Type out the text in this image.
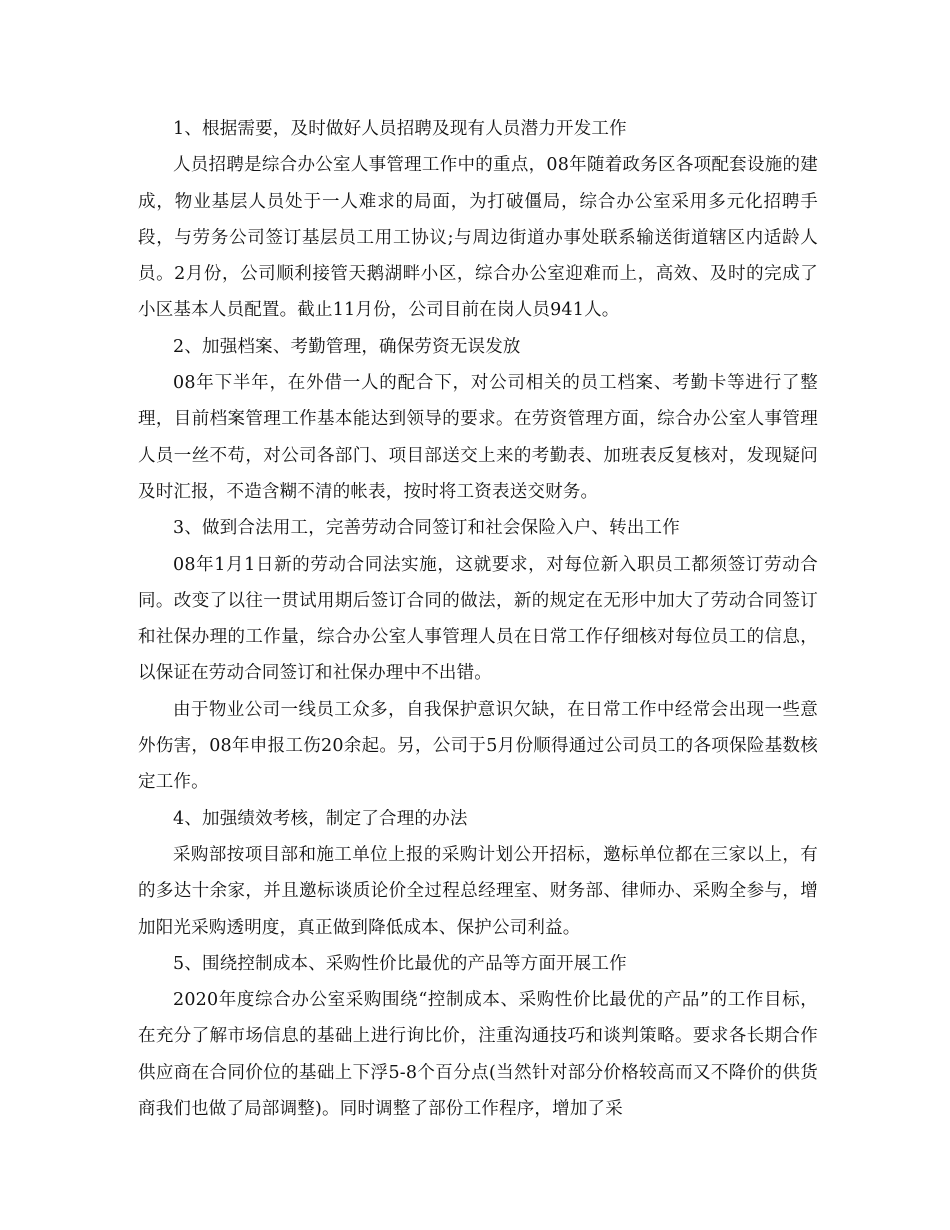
1、根据需要，及时做好人员招聘及现有人员潜力开发工作

人员招聘是综合办公室人事管理工作中的重点，08年随着政务区各项配套设施的建成，物业基层人员处于一人难求的局面，为打破僵局，综合办公室采用多元化招聘手段，与劳务公司签订基层员工用工协议;与周边街道办事处联系输送街道辖区内适龄人员。2月份，公司顺利接管天鹅湖畔小区，综合办公室迎难而上，高效、及时的完成了小区基本人员配置。截止11月份，公司目前在岗人员941人。

2、加强档案、考勤管理，确保劳资无误发放

08年下半年，在外借一人的配合下，对公司相关的员工档案、考勤卡等进行了整理，目前档案管理工作基本能达到领导的要求。在劳资管理方面，综合办公室人事管理人员一丝不苟，对公司各部门、项目部送交上来的考勤表、加班表反复核对，发现疑问及时汇报，不造含糊不清的帐表，按时将工资表送交财务。

3、做到合法用工，完善劳动合同签订和社会保险入户、转出工作

08年1月1日新的劳动合同法实施，这就要求，对每位新入职员工都须签订劳动合同。改变了以往一贯试用期后签订合同的做法，新的规定在无形中加大了劳动合同签订和社保办理的工作量，综合办公室人事管理人员在日常工作仔细核对每位员工的信息，以保证在劳动合同签订和社保办理中不出错。

由于物业公司一线员工众多，自我保护意识欠缺，在日常工作中经常会出现一些意外伤害，08年申报工伤20余起。另，公司于5月份顺得通过公司员工的各项保险基数核定工作。

4、加强绩效考核，制定了合理的办法

采购部按项目部和施工单位上报的采购计划公开招标，邀标单位都在三家以上，有的多达十余家，并且邀标谈质论价全过程总经理室、财务部、律师办、采购全参与，增加阳光采购透明度，真正做到降低成本、保护公司利益。

5、围绕控制成本、采购性价比最优的产品等方面开展工作

2020年度综合办公室采购围绕“控制成本、采购性价比最优的产品”的工作目标，在充分了解市场信息的基础上进行询比价，注重沟通技巧和谈判策略。要求各长期合作供应商在合同价位的基础上下浮5-8个百分点(当然针对部分价格较高而又不降价的供货商我们也做了局部调整)。同时调整了部份工作程序，增加了采
